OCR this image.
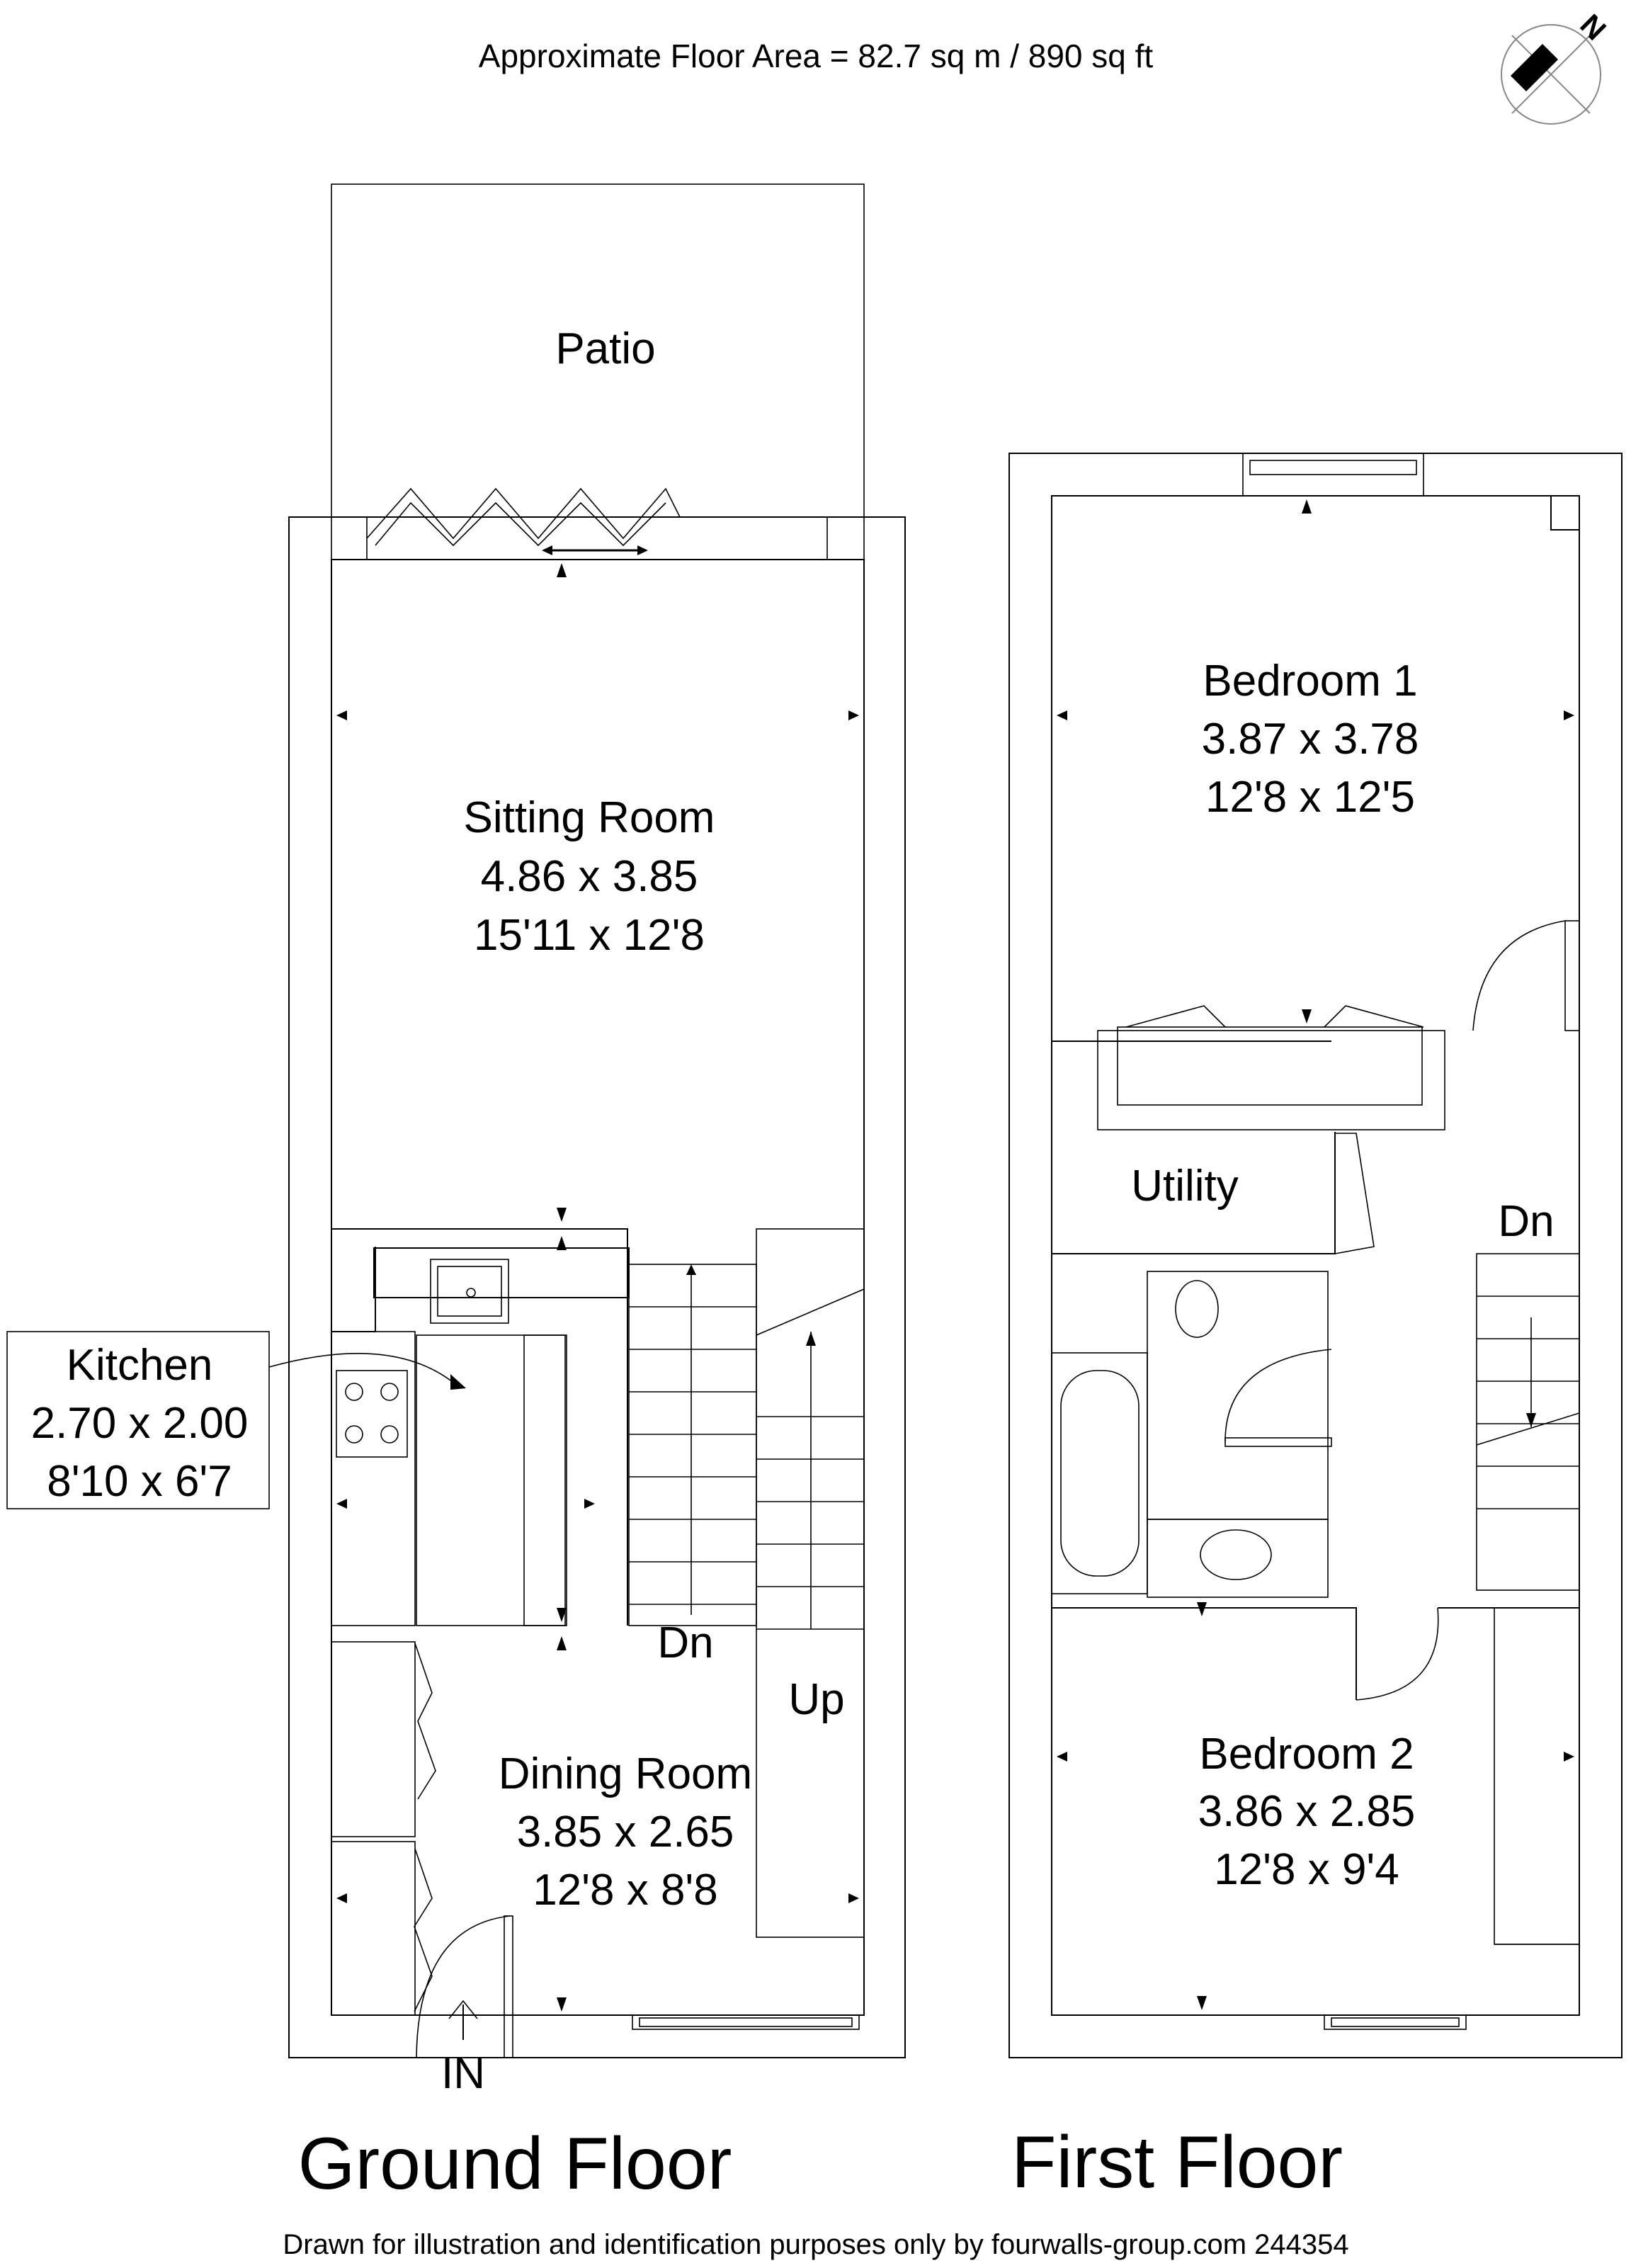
Approximate Floor Area = 82.7 sq m / 890 sq ft
N
Patio
Sitting Room
4.86 x 3.85
15'11 x 12'8
Kitchen
2.70 x 2.00
8'10 x 6'7
Dn
Up
Dining Room
3.85 x 2.65
12'8 x 8'8
IN
Bedroom 1
3.87 x 3.78
12'8 x 12'5
Utility
Dn
Bedroom 2
3.86 x 2.85
12'8 x 9'4
Ground Floor	First Floor
Drawn for illustration and identification purposes only by fourwalls-group.com 244354
